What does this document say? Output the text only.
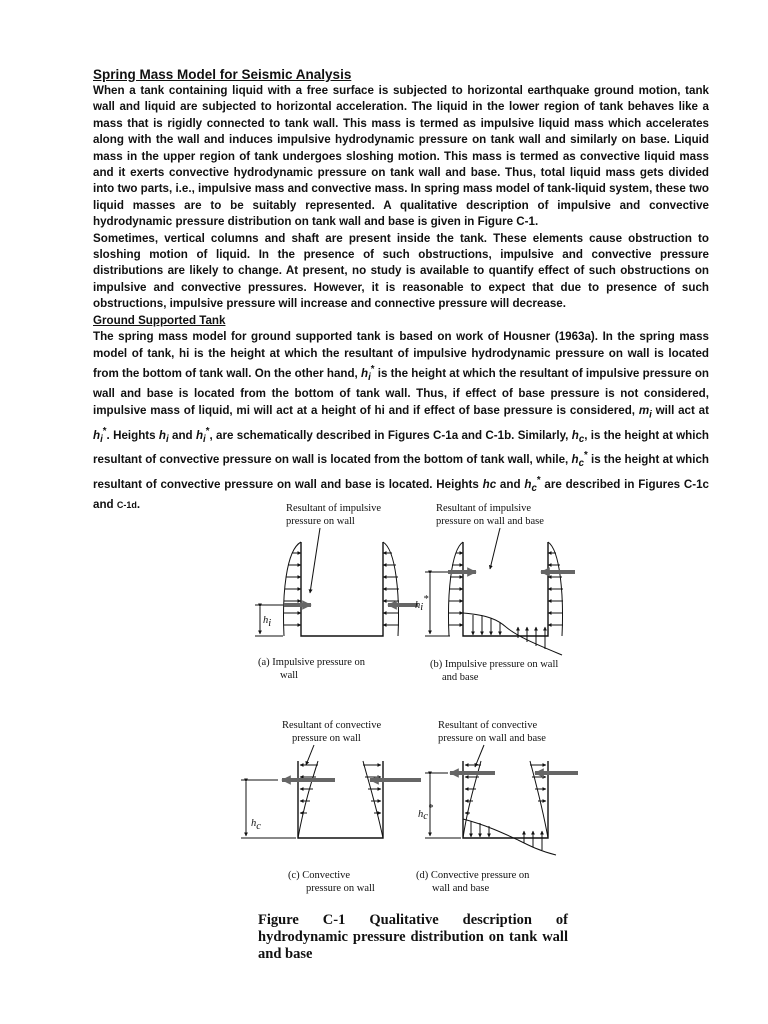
Spring Mass Model for Seismic Analysis

When a tank containing liquid with a free surface is subjected to horizontal earthquake ground motion, tank wall and liquid are subjected to horizontal acceleration. The liquid in the lower region of tank behaves like a mass that is rigidly connected to tank wall. This mass is termed as impulsive liquid mass which accelerates along with the wall and induces impulsive hydrodynamic pressure on tank wall and similarly on base. Liquid mass in the upper region of tank undergoes sloshing motion. This mass is termed as convective liquid mass and it exerts convective hydrodynamic pressure on tank wall and base. Thus, total liquid mass gets divided into two parts, i.e., impulsive mass and convective mass. In spring mass model of tank-liquid system, these two liquid masses are to be suitably represented. A qualitative description of impulsive and convective hydrodynamic pressure distribution on tank wall and base is given in Figure C-1.

Sometimes, vertical columns and shaft are present inside the tank. These elements cause obstruction to sloshing motion of liquid. In the presence of such obstructions, impulsive and convective pressure distributions are likely to change. At present, no study is available to quantify effect of such obstructions on impulsive and convective pressures. However, it is reasonable to expect that due to presence of such obstructions, impulsive pressure will increase and connective pressure will decrease.

Ground Supported Tank

The spring mass model for ground supported tank is based on work of Housner (1963a). In the spring mass model of tank, hi is the height at which the resultant of impulsive hydrodynamic pressure on wall is located from the bottom of tank wall. On the other hand, $h_i^*$ is the height at which the resultant of impulsive pressure on wall and base is located from the bottom of tank wall. Thus, if effect of base pressure is not considered, impulsive mass of liquid, mi will act at a height of hi and if effect of base pressure is considered, $m_i$ will act at $h_i^*$. Heights $h_i$ and $h_i^*$, are schematically described in Figures C-1a and C-1b. Similarly, $h_c$, is the height at which resultant of convective pressure on wall is located from the bottom of tank wall, while, $h_c^*$ is the height at which resultant of convective pressure on wall and base is located. Heights hc and $h_c^*$ are described in Figures C-1c and C-1d.	Resultant of impulsive
pressure on wall
hi
(a) Impulsive pressure on
wall
Resultant of impulsive
pressure on wall and base
hi*
(b) Impulsive pressure on wall
and base
Resultant of convective
pressure on wall
hc
(c) Convective
pressure on wall
Resultant of convective
pressure on wall and base
hc*
(d) Convective pressure on
wall and base

Figure C-1 Qualitative description of hydrodynamic pressure distribution on tank wall and base
